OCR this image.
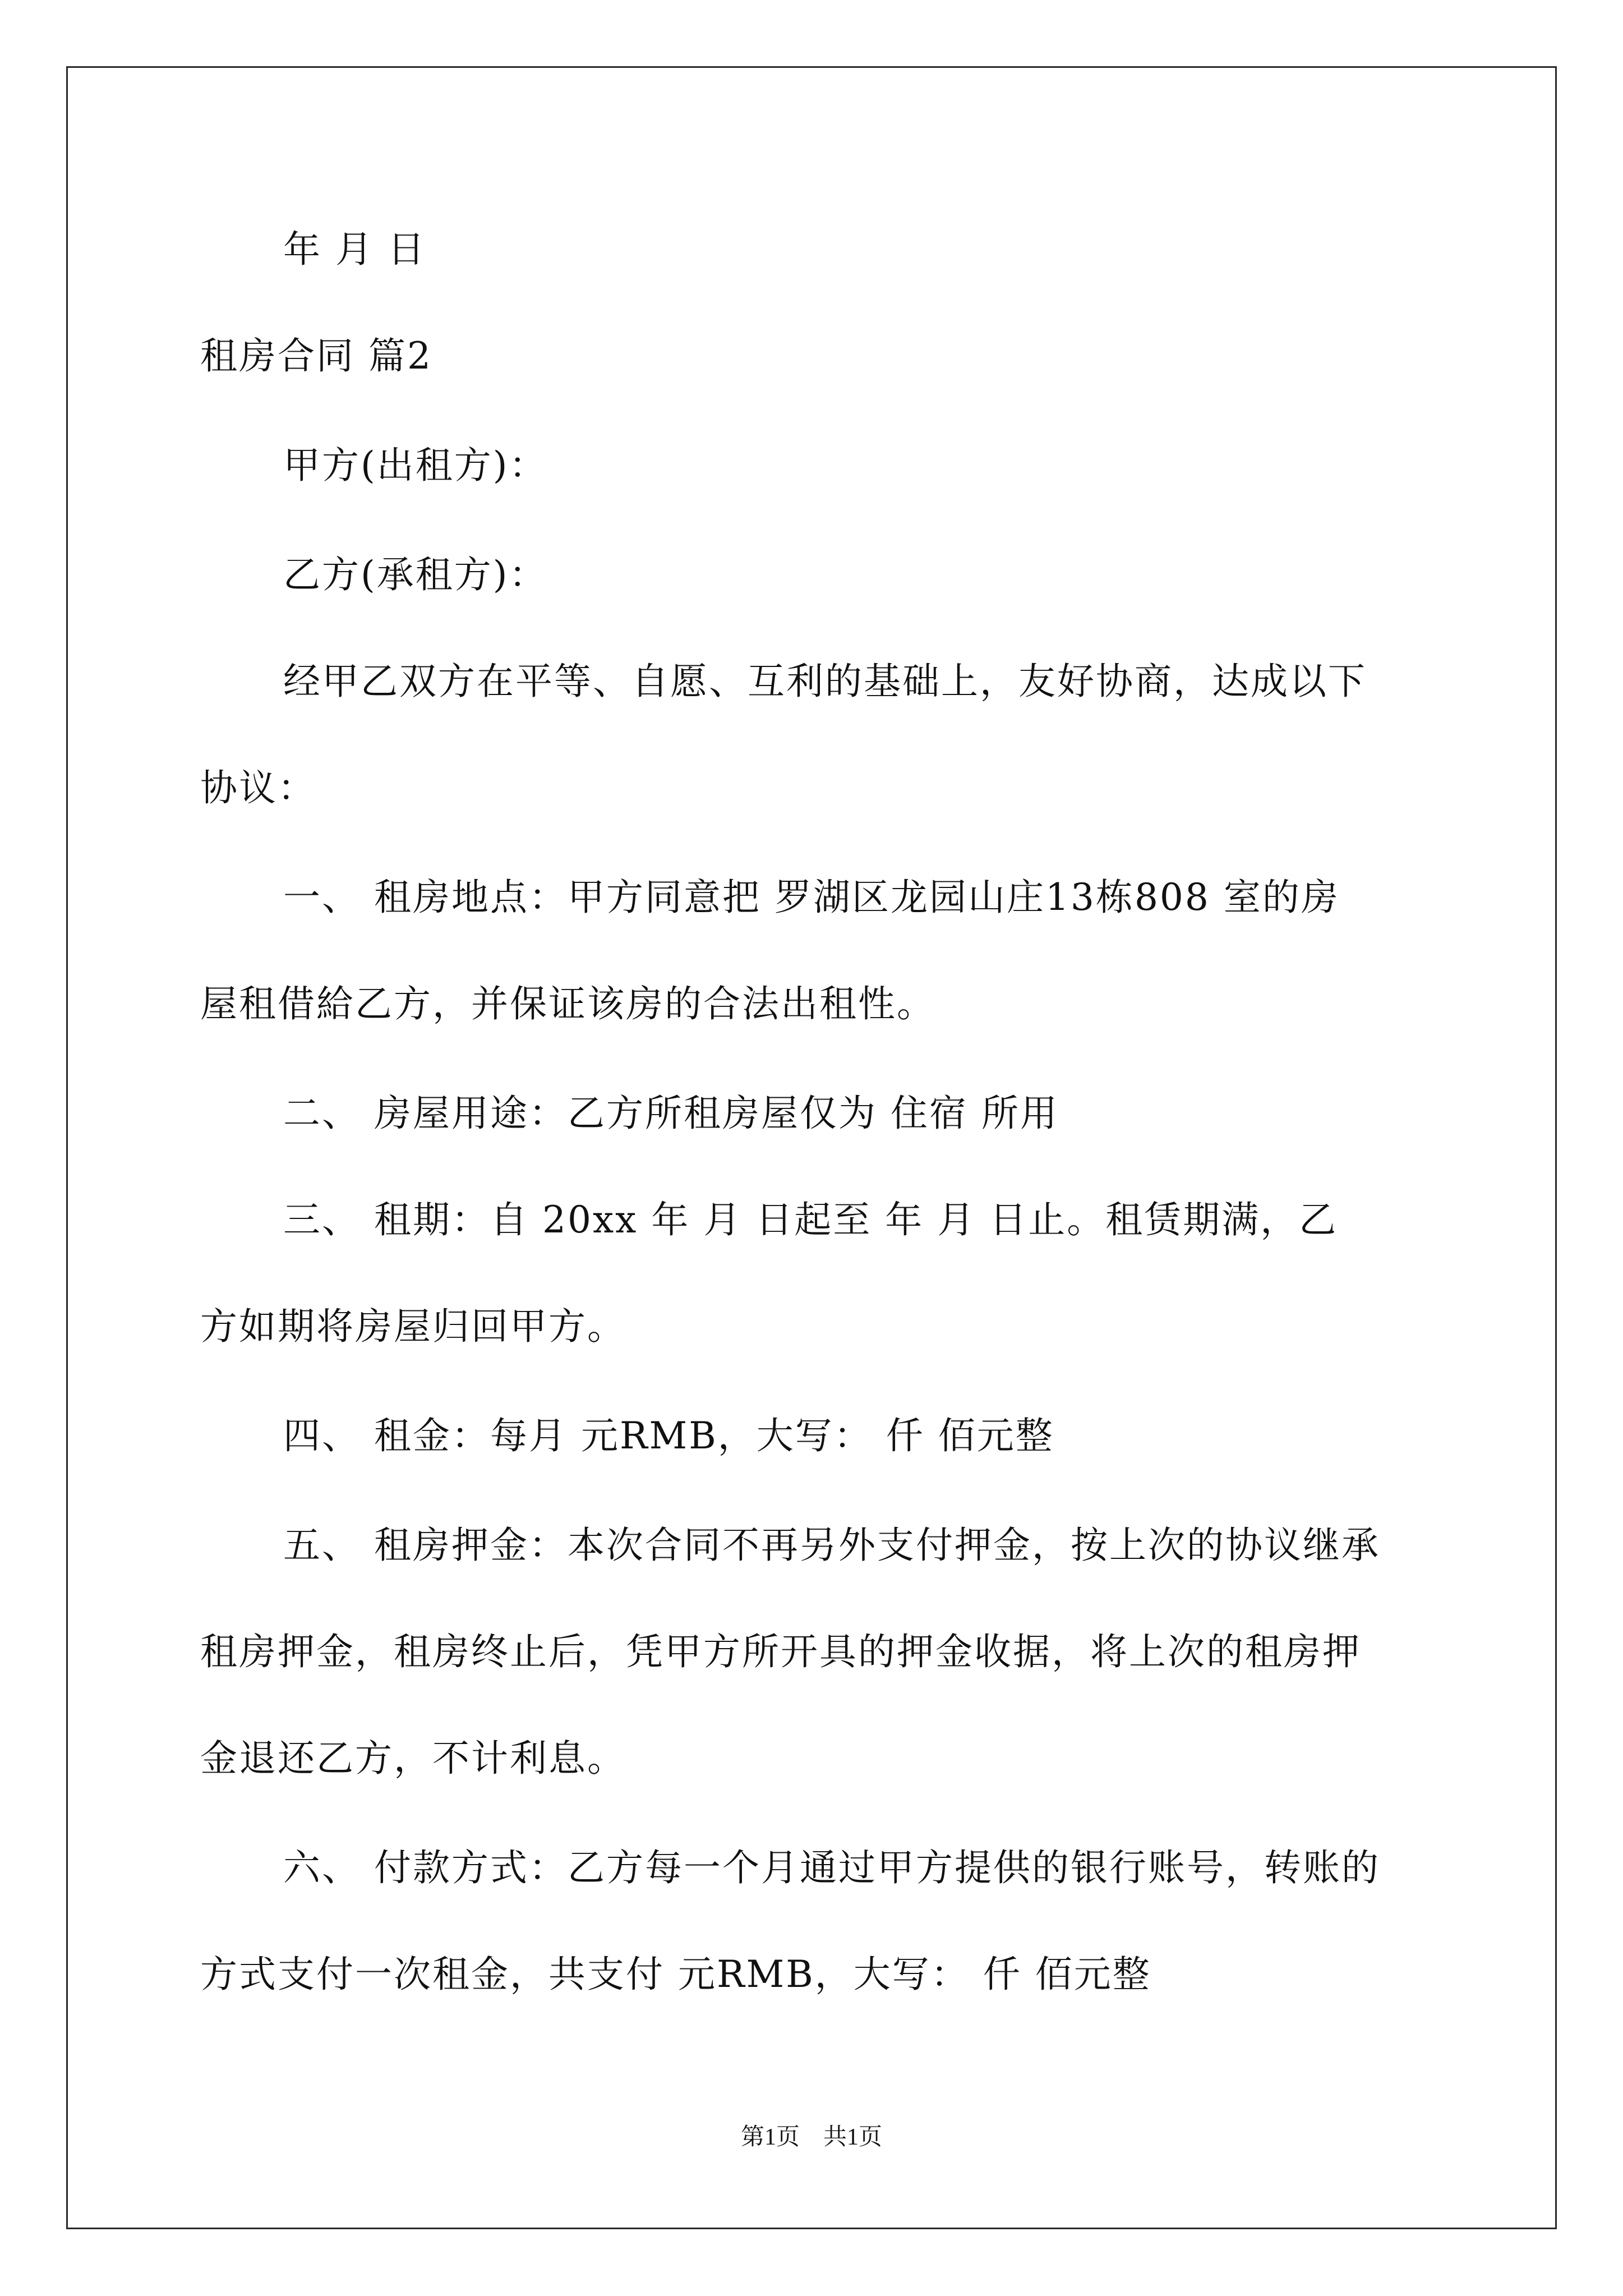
年 月 日
租房合同 篇2
甲方(出租方)：
乙方(承租方)：
经甲乙双方在平等、自愿、互利的基础上，友好协商，达成以下
协议：
一、 租房地点：甲方同意把 罗湖区龙园山庄13栋808 室的房
屋租借給乙方，并保证该房的合法出租性。
二、 房屋用途：乙方所租房屋仅为 住宿 所用
三、 租期：自 20xx 年 月 日起至 年 月 日止。租赁期满，乙
方如期将房屋归回甲方。
四、 租金：每月 元RMB，大写： 仟 佰元整
五、 租房押金：本次合同不再另外支付押金，按上次的协议继承
租房押金，租房终止后，凭甲方所开具的押金收据，将上次的租房押
金退还乙方，不计利息。
六、 付款方式：乙方每一个月通过甲方提供的银行账号，转账的
方式支付一次租金，共支付 元RMB，大写： 仟 佰元整
第1页　共1页
